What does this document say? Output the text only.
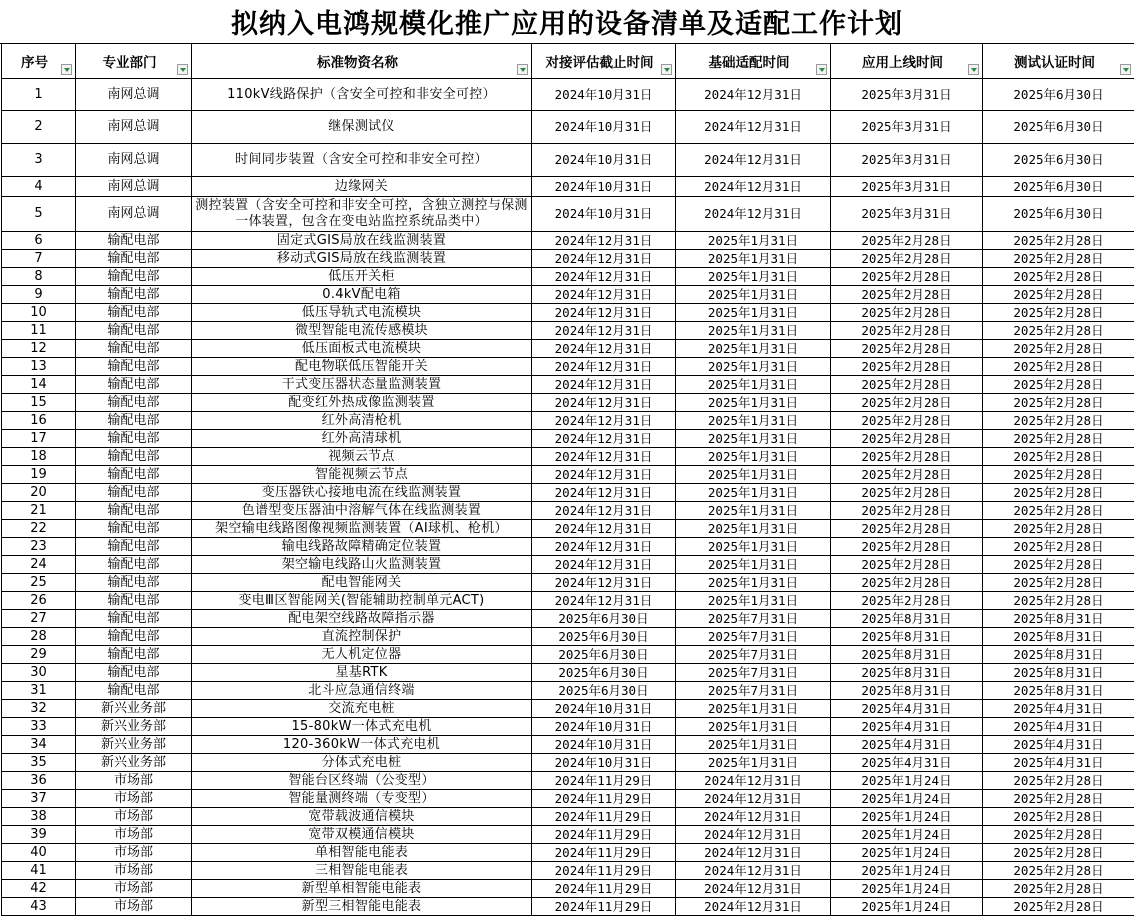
拟纳入电鸿规模化推广应用的设备清单及适配工作计划
序号	专业部门	标准物资名称	对接评估截止时间	基础适配时间	应用上线时间	测试认证时间

1	南网总调	110kV线路保护（含安全可控和非安全可控）	2024年10月31日	2024年12月31日	2025年3月31日	2025年6月30日
2	南网总调	继保测试仪	2024年10月31日	2024年12月31日	2025年3月31日	2025年6月30日
3	南网总调	时间同步装置（含安全可控和非安全可控）	2024年10月31日	2024年12月31日	2025年3月31日	2025年6月30日
4	南网总调	边缘网关	2024年10月31日	2024年12月31日	2025年3月31日	2025年6月30日
5	南网总调	测控装置（含安全可控和非安全可控，含独立测控与保测一体装置，包含在变电站监控系统品类中）	2024年10月31日	2024年12月31日	2025年3月31日	2025年6月30日
6	输配电部	固定式GIS局放在线监测装置	2024年12月31日	2025年1月31日	2025年2月28日	2025年2月28日
7	输配电部	移动式GIS局放在线监测装置	2024年12月31日	2025年1月31日	2025年2月28日	2025年2月28日
8	输配电部	低压开关柜	2024年12月31日	2025年1月31日	2025年2月28日	2025年2月28日
9	输配电部	0.4kV配电箱	2024年12月31日	2025年1月31日	2025年2月28日	2025年2月28日
10	输配电部	低压导轨式电流模块	2024年12月31日	2025年1月31日	2025年2月28日	2025年2月28日
11	输配电部	微型智能电流传感模块	2024年12月31日	2025年1月31日	2025年2月28日	2025年2月28日
12	输配电部	低压面板式电流模块	2024年12月31日	2025年1月31日	2025年2月28日	2025年2月28日
13	输配电部	配电物联低压智能开关	2024年12月31日	2025年1月31日	2025年2月28日	2025年2月28日
14	输配电部	干式变压器状态量监测装置	2024年12月31日	2025年1月31日	2025年2月28日	2025年2月28日
15	输配电部	配变红外热成像监测装置	2024年12月31日	2025年1月31日	2025年2月28日	2025年2月28日
16	输配电部	红外高清枪机	2024年12月31日	2025年1月31日	2025年2月28日	2025年2月28日
17	输配电部	红外高清球机	2024年12月31日	2025年1月31日	2025年2月28日	2025年2月28日
18	输配电部	视频云节点	2024年12月31日	2025年1月31日	2025年2月28日	2025年2月28日
19	输配电部	智能视频云节点	2024年12月31日	2025年1月31日	2025年2月28日	2025年2月28日
20	输配电部	变压器铁心接地电流在线监测装置	2024年12月31日	2025年1月31日	2025年2月28日	2025年2月28日
21	输配电部	色谱型变压器油中溶解气体在线监测装置	2024年12月31日	2025年1月31日	2025年2月28日	2025年2月28日
22	输配电部	架空输电线路图像视频监测装置（AI球机、枪机）	2024年12月31日	2025年1月31日	2025年2月28日	2025年2月28日
23	输配电部	输电线路故障精确定位装置	2024年12月31日	2025年1月31日	2025年2月28日	2025年2月28日
24	输配电部	架空输电线路山火监测装置	2024年12月31日	2025年1月31日	2025年2月28日	2025年2月28日
25	输配电部	配电智能网关	2024年12月31日	2025年1月31日	2025年2月28日	2025年2月28日
26	输配电部	变电Ⅲ区智能网关(智能辅助控制单元ACT)	2024年12月31日	2025年1月31日	2025年2月28日	2025年2月28日
27	输配电部	配电架空线路故障指示器	2025年6月30日	2025年7月31日	2025年8月31日	2025年8月31日
28	输配电部	直流控制保护	2025年6月30日	2025年7月31日	2025年8月31日	2025年8月31日
29	输配电部	无人机定位器	2025年6月30日	2025年7月31日	2025年8月31日	2025年8月31日
30	输配电部	星基RTK	2025年6月30日	2025年7月31日	2025年8月31日	2025年8月31日
31	输配电部	北斗应急通信终端	2025年6月30日	2025年7月31日	2025年8月31日	2025年8月31日
32	新兴业务部	交流充电桩	2024年10月31日	2025年1月31日	2025年4月31日	2025年4月31日
33	新兴业务部	15-80kW一体式充电机	2024年10月31日	2025年1月31日	2025年4月31日	2025年4月31日
34	新兴业务部	120-360kW一体式充电机	2024年10月31日	2025年1月31日	2025年4月31日	2025年4月31日
35	新兴业务部	分体式充电桩	2024年10月31日	2025年1月31日	2025年4月31日	2025年4月31日
36	市场部	智能台区终端（公变型）	2024年11月29日	2024年12月31日	2025年1月24日	2025年2月28日
37	市场部	智能量测终端（专变型）	2024年11月29日	2024年12月31日	2025年1月24日	2025年2月28日
38	市场部	宽带载波通信模块	2024年11月29日	2024年12月31日	2025年1月24日	2025年2月28日
39	市场部	宽带双模通信模块	2024年11月29日	2024年12月31日	2025年1月24日	2025年2月28日
40	市场部	单相智能电能表	2024年11月29日	2024年12月31日	2025年1月24日	2025年2月28日
41	市场部	三相智能电能表	2024年11月29日	2024年12月31日	2025年1月24日	2025年2月28日
42	市场部	新型单相智能电能表	2024年11月29日	2024年12月31日	2025年1月24日	2025年2月28日
43	市场部	新型三相智能电能表	2024年11月29日	2024年12月31日	2025年1月24日	2025年2月28日
